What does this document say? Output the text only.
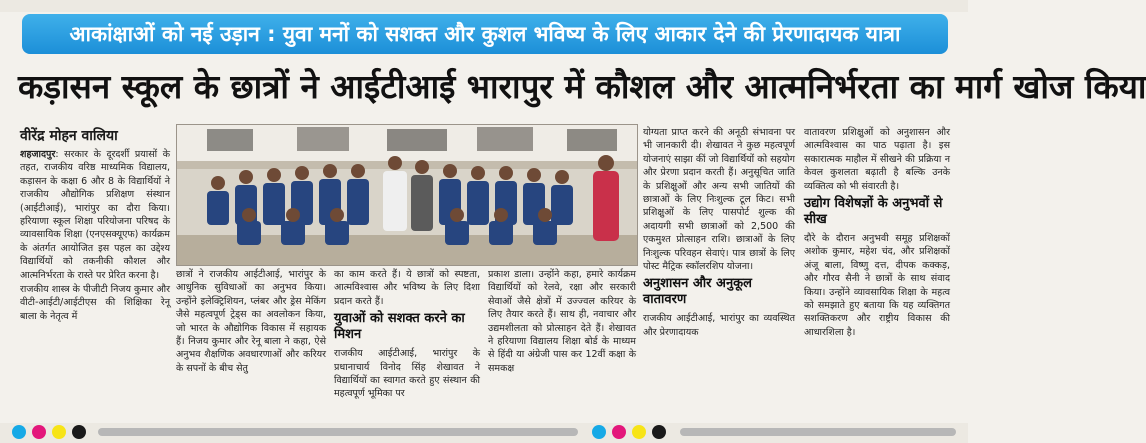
आकांक्षाओं को नई उड़ान : युवा मनों को सशक्त और कुशल भविष्य के लिए आकार देने की प्रेरणादायक यात्रा
कड़ासन स्कूल के छात्रों ने आईटीआई भारापुर में कौशल और आत्मनिर्भरता का मार्ग खोज किया
वीरेंद्र मोहन वालिया

शहजादपुर: सरकार के दूरदर्शी प्रयासों के तहत, राजकीय वरिष्ठ माध्यमिक विद्यालय, कड़ासन के कक्षा 6 और 8 के विद्यार्थियों ने राजकीय औद्योगिक प्रशिक्षण संस्थान (आईटीआई), भारांपुर का दौरा किया। हरियाणा स्कूल शिक्षा परियोजना परिषद के व्यावसायिक शिक्षा (एनएसक्यूएफ) कार्यक्रम के अंतर्गत आयोजित इस पहल का उद्देश्य विद्यार्थियों को तकनीकी कौशल और आत्मनिर्भरता के रास्ते पर प्रेरित करना है।

राजकीय शास्त्र के पीजीटी निजय कुमार और वीटी-आईटी/आईटीएस की शिक्षिका रेनू बाला के नेतृत्व में

छात्रों ने राजकीय आईटीआई, भारांपुर के आधुनिक सुविधाओं का अनुभव किया। उन्होंने इलेक्ट्रिशियन, प्लंबर और ड्रेस मेकिंग जैसे महत्वपूर्ण ट्रेड्स का अवलोकन किया, जो भारत के औद्योगिक विकास में सहायक हैं। निजय कुमार और रेनू बाला ने कहा, ऐसे अनुभव शैक्षणिक अवधारणाओं और करियर के सपनों के बीच सेतु

का काम करते हैं। ये छात्रों को स्पष्टता, आत्मविश्वास और भविष्य के लिए दिशा प्रदान करते हैं।

युवाओं को सशक्त करने का मिशन

राजकीय आईटीआई, भारांपुर के प्रधानाचार्य विनोद सिंह शेखावत ने विद्यार्थियों का स्वागत करते हुए संस्थान की महत्वपूर्ण भूमिका पर

प्रकाश डाला। उन्होंने कहा, हमारे कार्यक्रम विद्यार्थियों को रेलवे, रक्षा और सरकारी सेवाओं जैसे क्षेत्रों में उज्ज्वल करियर के लिए तैयार करते हैं। साथ ही, नवाचार और उद्यमशीलता को प्रोत्साहन देते हैं। शेखावत ने हरियाणा विद्यालय शिक्षा बोर्ड के माध्यम से हिंदी या अंग्रेजी पास कर 12वीं कक्षा के समकक्ष

योग्यता प्राप्त करने की अनूठी संभावना पर भी जानकारी दी। शेखावत ने कुछ महत्वपूर्ण योजनाएं साझा कीं जो विद्यार्थियों को सहयोग और प्रेरणा प्रदान करती हैं। अनुसूचित जाति के प्रशिक्षुओं और अन्य सभी जातियों की छात्राओं के लिए निःशुल्क टूल किट। सभी प्रशिक्षुओं के लिए पासपोर्ट शुल्क की अदायगी सभी छात्राओं को 2,500 की एकमुश्त प्रोत्साहन राशि। छात्राओं के लिए निःशुल्क परिवहन सेवाएं। पात्र छात्रों के लिए पोस्ट मैट्रिक स्कॉलरशिप योजना।

अनुशासन और अनुकूल वातावरण

राजकीय आईटीआई, भारांपुर का व्यवस्थित और प्रेरणादायक

वातावरण प्रशिक्षुओं को अनुशासन और आत्मविश्वास का पाठ पढ़ाता है। इस सकारात्मक माहौल में सीखने की प्रक्रिया न केवल कुशलता बढ़ाती है बल्कि उनके व्यक्तित्व को भी संवारती है।

उद्योग विशेषज्ञों के अनुभवों से सीख

दौरे के दौरान अनुभवी समूह प्रशिक्षकों अशोक कुमार, महेश चंद, और प्रशिक्षकों अंजू बाला, विष्णु दत्त, दीपक कक्कड़, और गौरव सैनी ने छात्रों के साथ संवाद किया। उन्होंने व्यावसायिक शिक्षा के महत्व को समझाते हुए बताया कि यह व्यक्तिगत सशक्तिकरण और राष्ट्रीय विकास की आधारशिला है।
